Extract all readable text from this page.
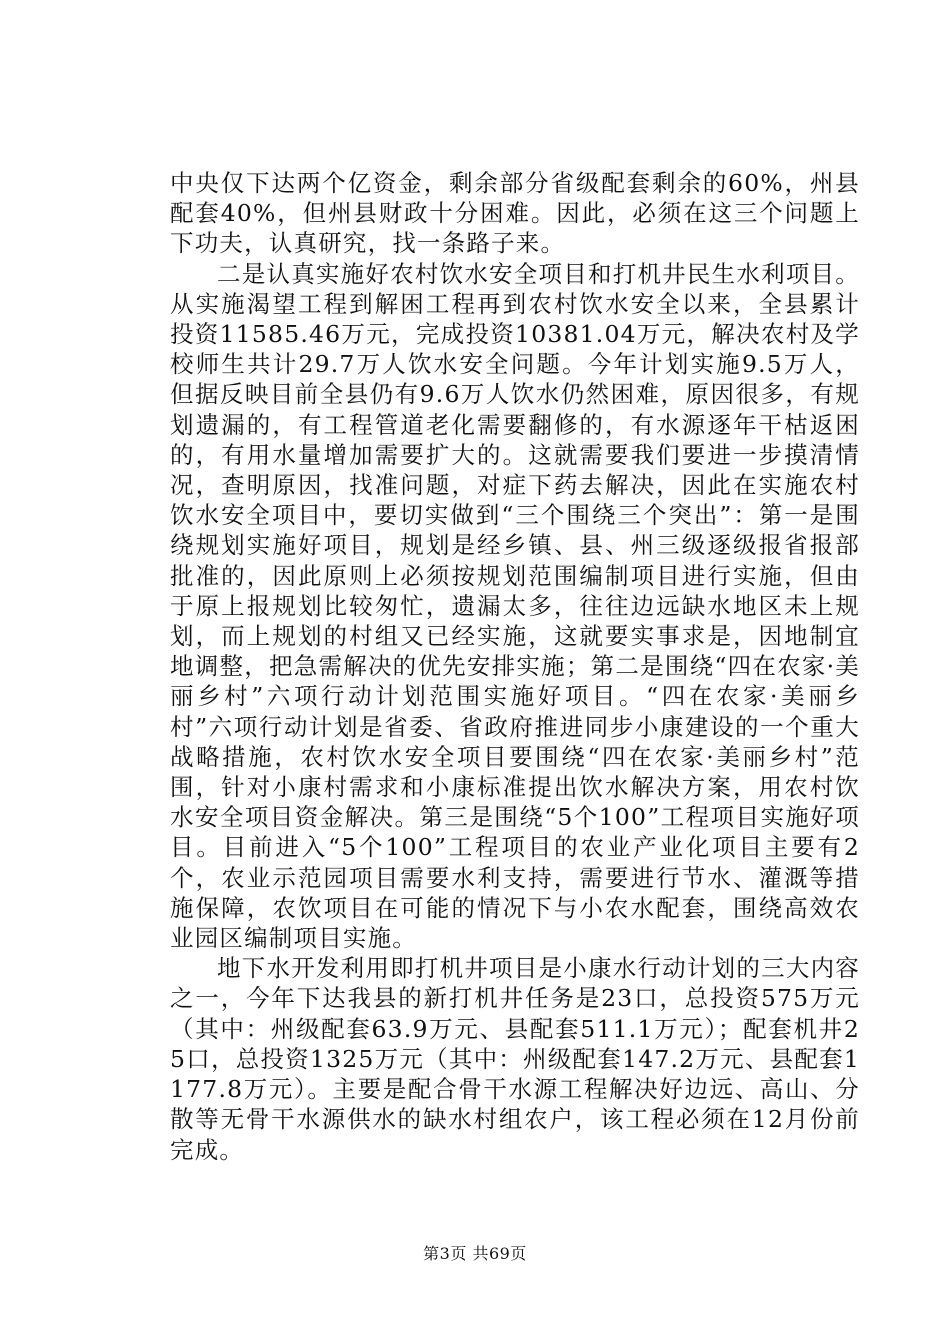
中央仅下达两个亿资金，剩余部分省级配套剩余的60%，州县配套40%，但州县财政十分困难。因此，必须在这三个问题上下功夫，认真研究，找一条路子来。

二是认真实施好农村饮水安全项目和打机井民生水利项目。从实施渴望工程到解困工程再到农村饮水安全以来，全县累计投资11585.46万元，完成投资10381.04万元，解决农村及学校师生共计29.7万人饮水安全问题。今年计划实施9.5万人，但据反映目前全县仍有9.6万人饮水仍然困难，原因很多，有规划遗漏的，有工程管道老化需要翻修的，有水源逐年干枯返困的，有用水量增加需要扩大的。这就需要我们要进一步摸清情况，查明原因，找准问题，对症下药去解决，因此在实施农村饮水安全项目中，要切实做到“三个围绕三个突出”：第一是围绕规划实施好项目，规划是经乡镇、县、州三级逐级报省报部批准的，因此原则上必须按规划范围编制项目进行实施，但由于原上报规划比较匆忙，遗漏太多，往往边远缺水地区未上规划，而上规划的村组又已经实施，这就要实事求是，因地制宜地调整，把急需解决的优先安排实施；第二是围绕“四在农家·美丽乡村”六项行动计划范围实施好项目。“四在农家·美丽乡村”六项行动计划是省委、省政府推进同步小康建设的一个重大战略措施，农村饮水安全项目要围绕“四在农家·美丽乡村”范围，针对小康村需求和小康标准提出饮水解决方案，用农村饮水安全项目资金解决。第三是围绕“5个100”工程项目实施好项目。目前进入“5个100”工程项目的农业产业化项目主要有2个，农业示范园项目需要水利支持，需要进行节水、灌溉等措施保障，农饮项目在可能的情况下与小农水配套，围绕高效农业园区编制项目实施。

地下水开发利用即打机井项目是小康水行动计划的三大内容之一，今年下达我县的新打机井任务是23口，总投资575万元（其中：州级配套63.9万元、县配套511.1万元）；配套机井25口，总投资1325万元（其中：州级配套147.2万元、县配套1177.8万元）。主要是配合骨干水源工程解决好边远、高山、分散等无骨干水源供水的缺水村组农户，该工程必须在12月份前完成。

第3页 共69页
